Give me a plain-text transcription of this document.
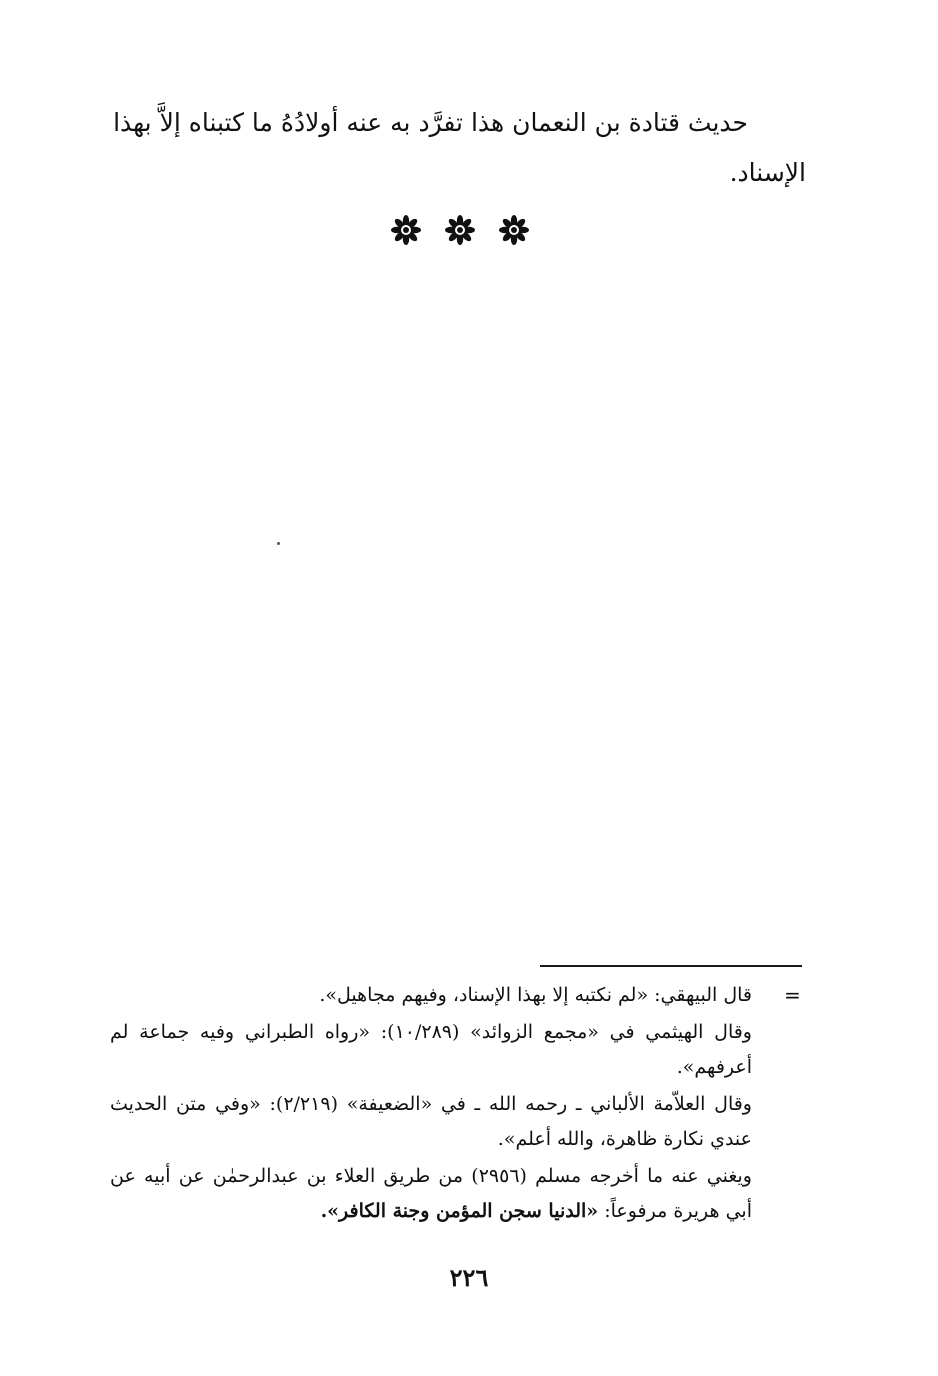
حديث قتادة بن النعمان هذا تفرَّد به عنه أولادُهُ ما كتبناه إلاَّ بهذا
الإسناد.
=

قال البيهقي: «لم نكتبه إلا بهذا الإسناد، وفيهم مجاهيل».

وقال الهيثمي في «مجمع الزوائد» (١٠/٢٨٩): «رواه الطبراني وفيه جماعة لم أعرفهم».

وقال العلاّمة الألباني ـ رحمه الله ـ في «الضعيفة» (٢/٢١٩): «وفي متن الحديث عندي نكارة ظاهرة، والله أعلم».

ويغني عنه ما أخرجه مسلم (٢٩٥٦) من طريق العلاء بن عبدالرحمٰن عن أبيه عن أبي هريرة مرفوعاً: «الدنيا سجن المؤمن وجنة الكافر».

٢٢٦
